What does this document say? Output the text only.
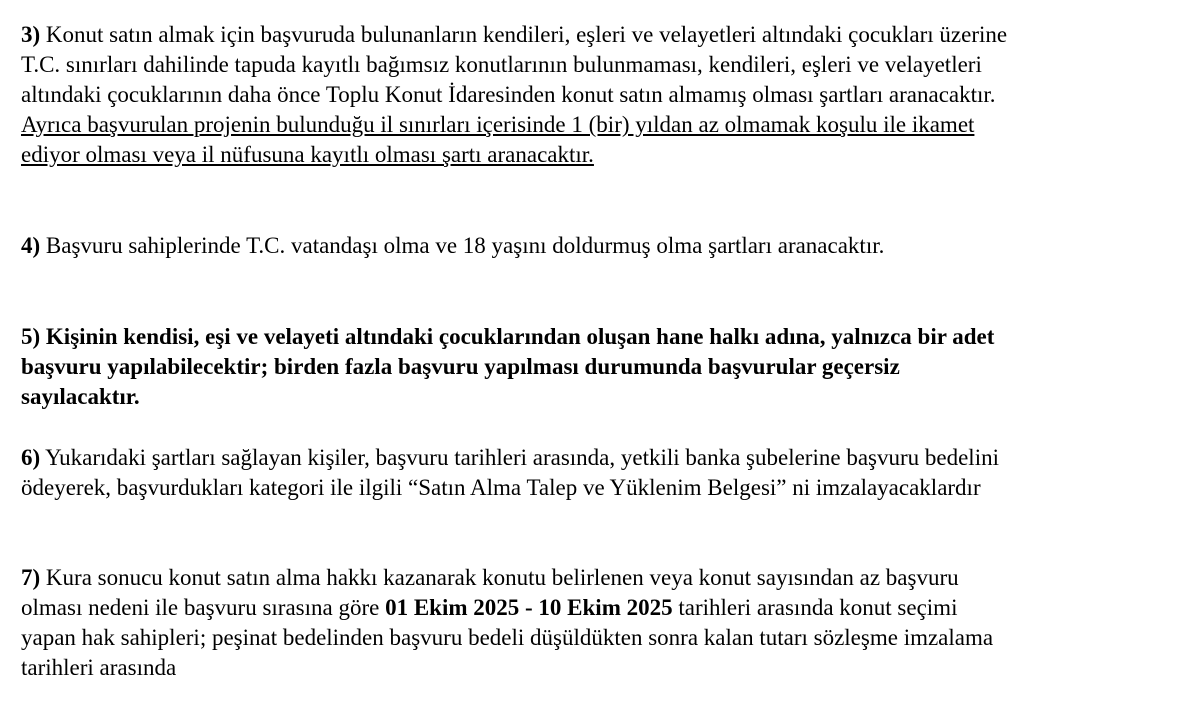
3) Konut satın almak için başvuruda bulunanların kendileri, eşleri ve velayetleri altındaki çocukları üzerine
T.C. sınırları dahilinde tapuda kayıtlı bağımsız konutlarının bulunmaması, kendileri, eşleri ve velayetleri
altındaki çocuklarının daha önce Toplu Konut İdaresinden konut satın almamış olması şartları aranacaktır.
Ayrıca başvurulan projenin bulunduğu il sınırları içerisinde 1 (bir) yıldan az olmamak koşulu ile ikamet
ediyor olması veya il nüfusuna kayıtlı olması şartı aranacaktır.

4) Başvuru sahiplerinde T.C. vatandaşı olma ve 18 yaşını doldurmuş olma şartları aranacaktır.

5) Kişinin kendisi, eşi ve velayeti altındaki çocuklarından oluşan hane halkı adına, yalnızca bir adet
başvuru yapılabilecektir; birden fazla başvuru yapılması durumunda başvurular geçersiz
sayılacaktır.

6) Yukarıdaki şartları sağlayan kişiler, başvuru tarihleri arasında, yetkili banka şubelerine başvuru bedelini
ödeyerek, başvurdukları kategori ile ilgili “Satın Alma Talep ve Yüklenim Belgesi” ni imzalayacaklardır

7) Kura sonucu konut satın alma hakkı kazanarak konutu belirlenen veya konut sayısından az başvuru
olması nedeni ile başvuru sırasına göre 01 Ekim 2025 - 10 Ekim 2025 tarihleri arasında konut seçimi
yapan hak sahipleri; peşinat bedelinden başvuru bedeli düşüldükten sonra kalan tutarı sözleşme imzalama
tarihleri arasında
